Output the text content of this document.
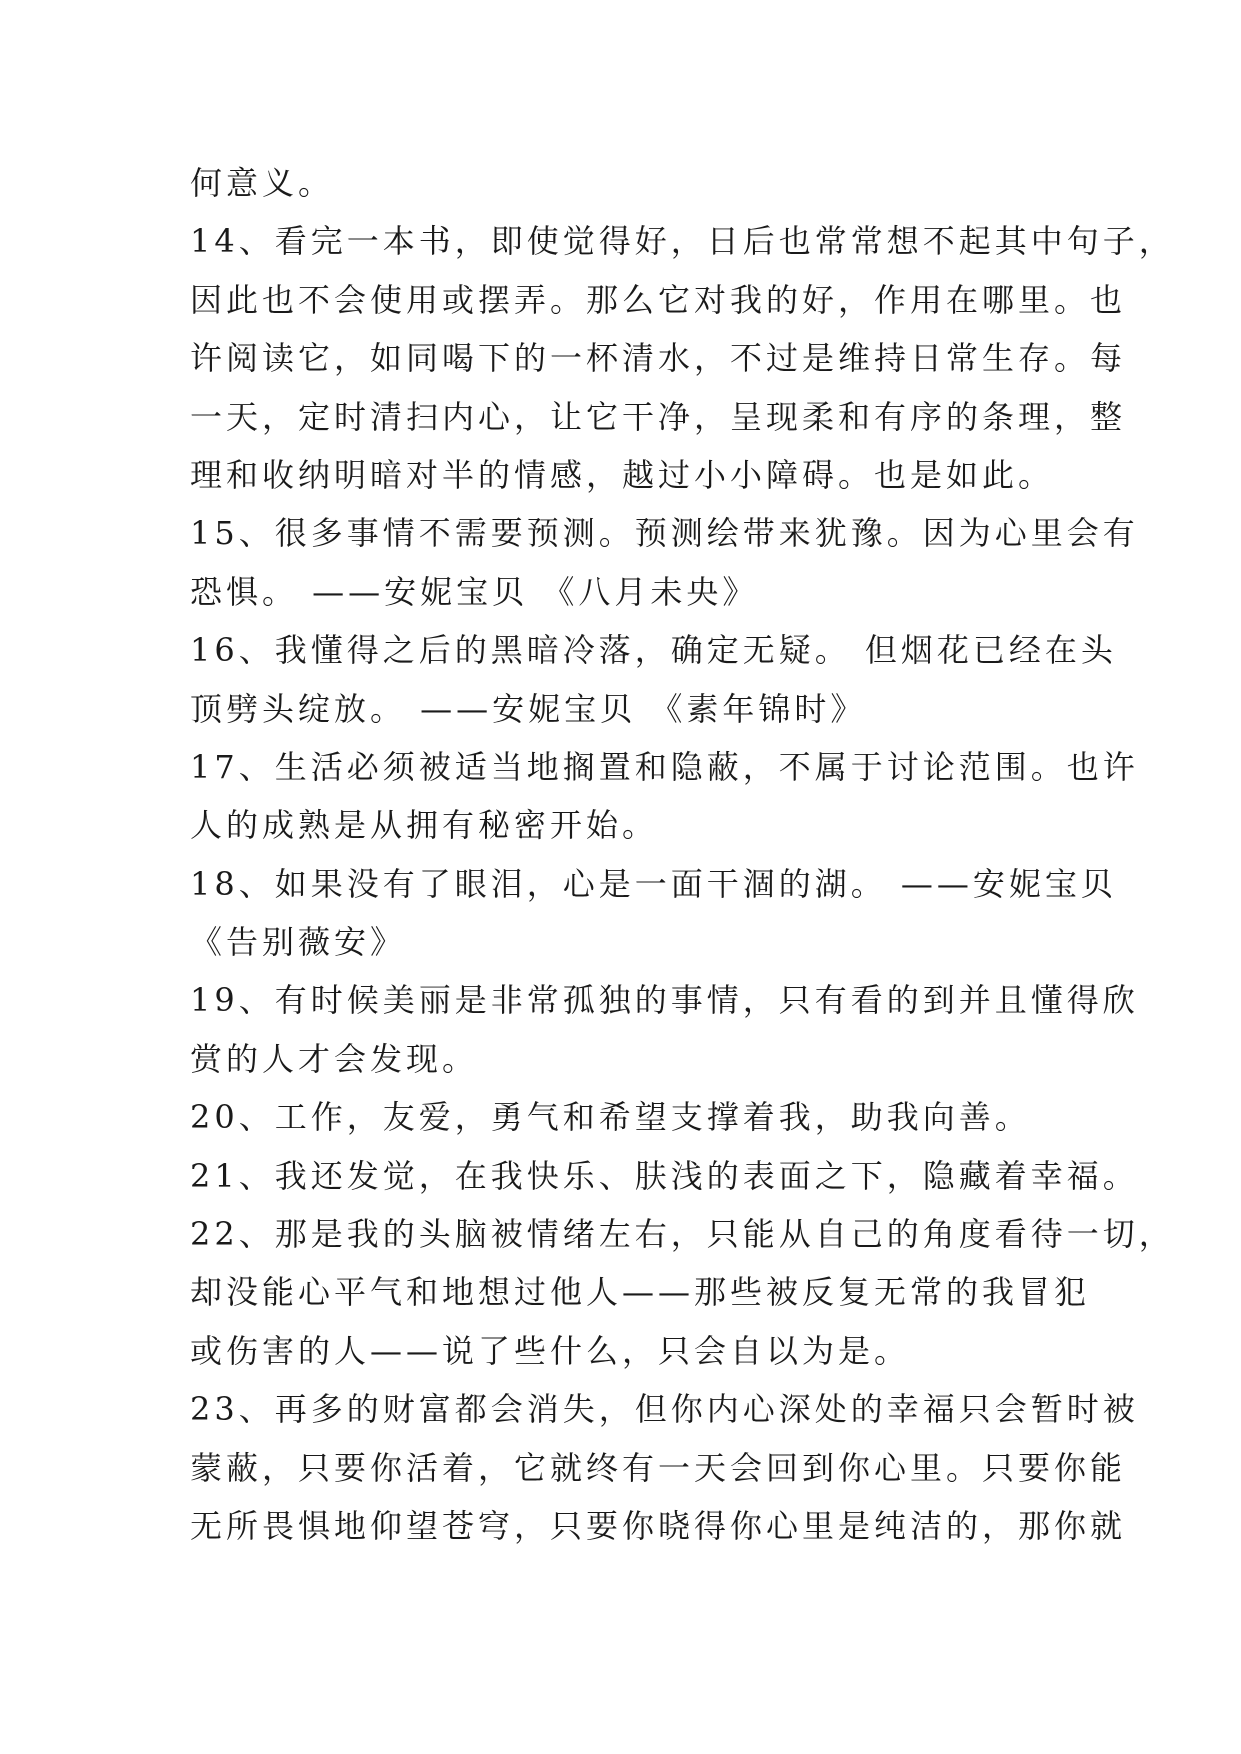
何意义。
14、看完一本书，即使觉得好，日后也常常想不起其中句子，
因此也不会使用或摆弄。那么它对我的好，作用在哪里。也
许阅读它，如同喝下的一杯清水，不过是维持日常生存。每
一天，定时清扫内心，让它干净，呈现柔和有序的条理，整
理和收纳明暗对半的情感，越过小小障碍。也是如此。
15、很多事情不需要预测。预测绘带来犹豫。因为心里会有
恐惧。 ——安妮宝贝 《八月未央》
16、我懂得之后的黑暗冷落，确定无疑。 但烟花已经在头
顶劈头绽放。 ——安妮宝贝 《素年锦时》
17、生活必须被适当地搁置和隐蔽，不属于讨论范围。也许
人的成熟是从拥有秘密开始。
18、如果没有了眼泪，心是一面干涸的湖。 ——安妮宝贝
《告别薇安》
19、有时候美丽是非常孤独的事情，只有看的到并且懂得欣
赏的人才会发现。
20、工作，友爱，勇气和希望支撑着我，助我向善。
21、我还发觉，在我快乐、肤浅的表面之下，隐藏着幸福。
22、那是我的头脑被情绪左右，只能从自己的角度看待一切，
却没能心平气和地想过他人——那些被反复无常的我冒犯
或伤害的人——说了些什么，只会自以为是。
23、再多的财富都会消失，但你内心深处的幸福只会暂时被
蒙蔽，只要你活着，它就终有一天会回到你心里。只要你能
无所畏惧地仰望苍穹，只要你晓得你心里是纯洁的，那你就
